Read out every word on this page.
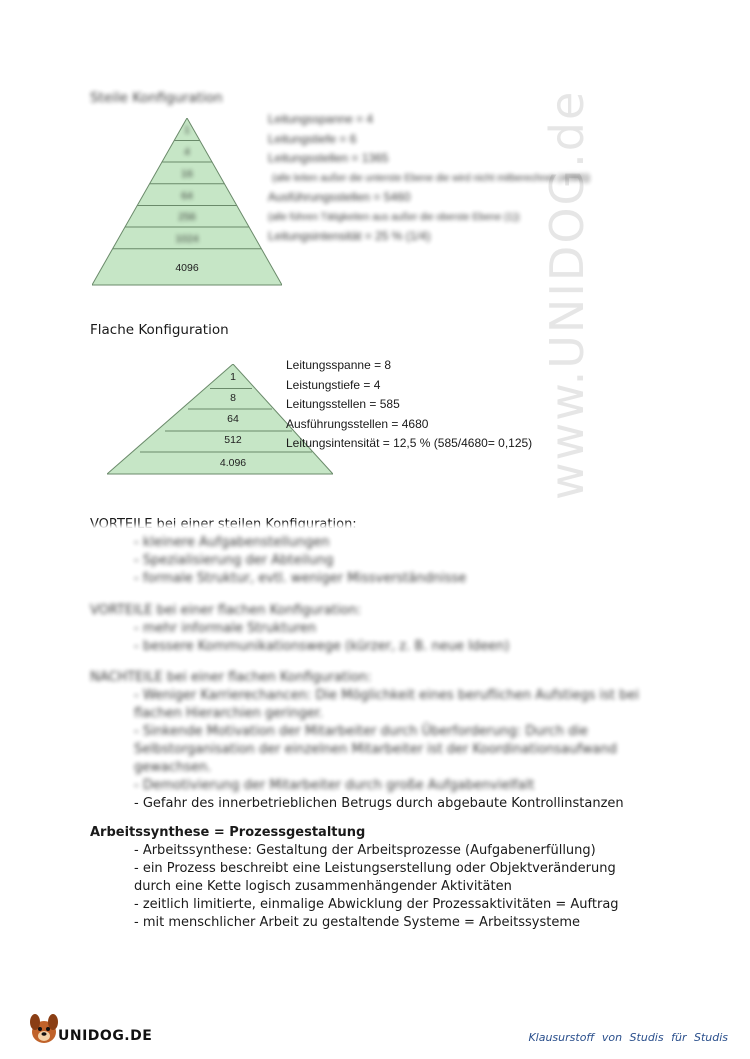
www.UNIDOG.de
Steile Konfiguration
1
4
16
64
256
1024
4096
Leitungsspanne = 4
Leitungstiefe = 6
Leitungsstellen = 1365
(alle leiten außer die unterste Ebene die wird nicht mitberechnet (4096))
Ausführungsstellen = 5460
(alle führen Tätigkeiten aus außer die oberste Ebene (1))
Leitungsintensität = 25 % (1/4)
Flache Konfiguration
1
8
64
512
4.096
Leitungsspanne = 8
Leistungstiefe = 4
Leitungsstellen = 585
Ausführungsstellen = 4680
Leitungsintensität = 12,5 % (585/4680= 0,125)
- kleinere Aufgabenstellungen
- Spezialisierung der Abteilung
- formale Struktur, evtl. weniger Missverständnisse
VORTEILE bei einer flachen Konfiguration:
- mehr informale Strukturen
- bessere Kommunikationswege (kürzer, z. B. neue Ideen)
NACHTEILE bei einer flachen Konfiguration:
- Weniger Karrierechancen: Die Möglichkeit eines beruflichen Aufstiegs ist bei
flachen Hierarchien geringer.
- Sinkende Motivation der Mitarbeiter durch Überforderung: Durch die
Selbstorganisation der einzelnen Mitarbeiter ist der Koordinationsaufwand
gewachsen.
- Demotivierung der Mitarbeiter durch große Aufgabenvielfalt
- Gefahr des innerbetrieblichen Betrugs durch abgebaute Kontrollinstanzen
Arbeitssynthese = Prozessgestaltung
- Arbeitssynthese: Gestaltung der Arbeitsprozesse (Aufgabenerfüllung)
- ein Prozess beschreibt eine Leistungserstellung oder Objektveränderung
durch eine Kette logisch zusammenhängender Aktivitäten
- zeitlich limitierte, einmalige Abwicklung der Prozessaktivitäten = Auftrag
- mit menschlicher Arbeit zu gestaltende Systeme = Arbeitssysteme
UNIDOG.DE	Klausurstoff von Studis für Studis
